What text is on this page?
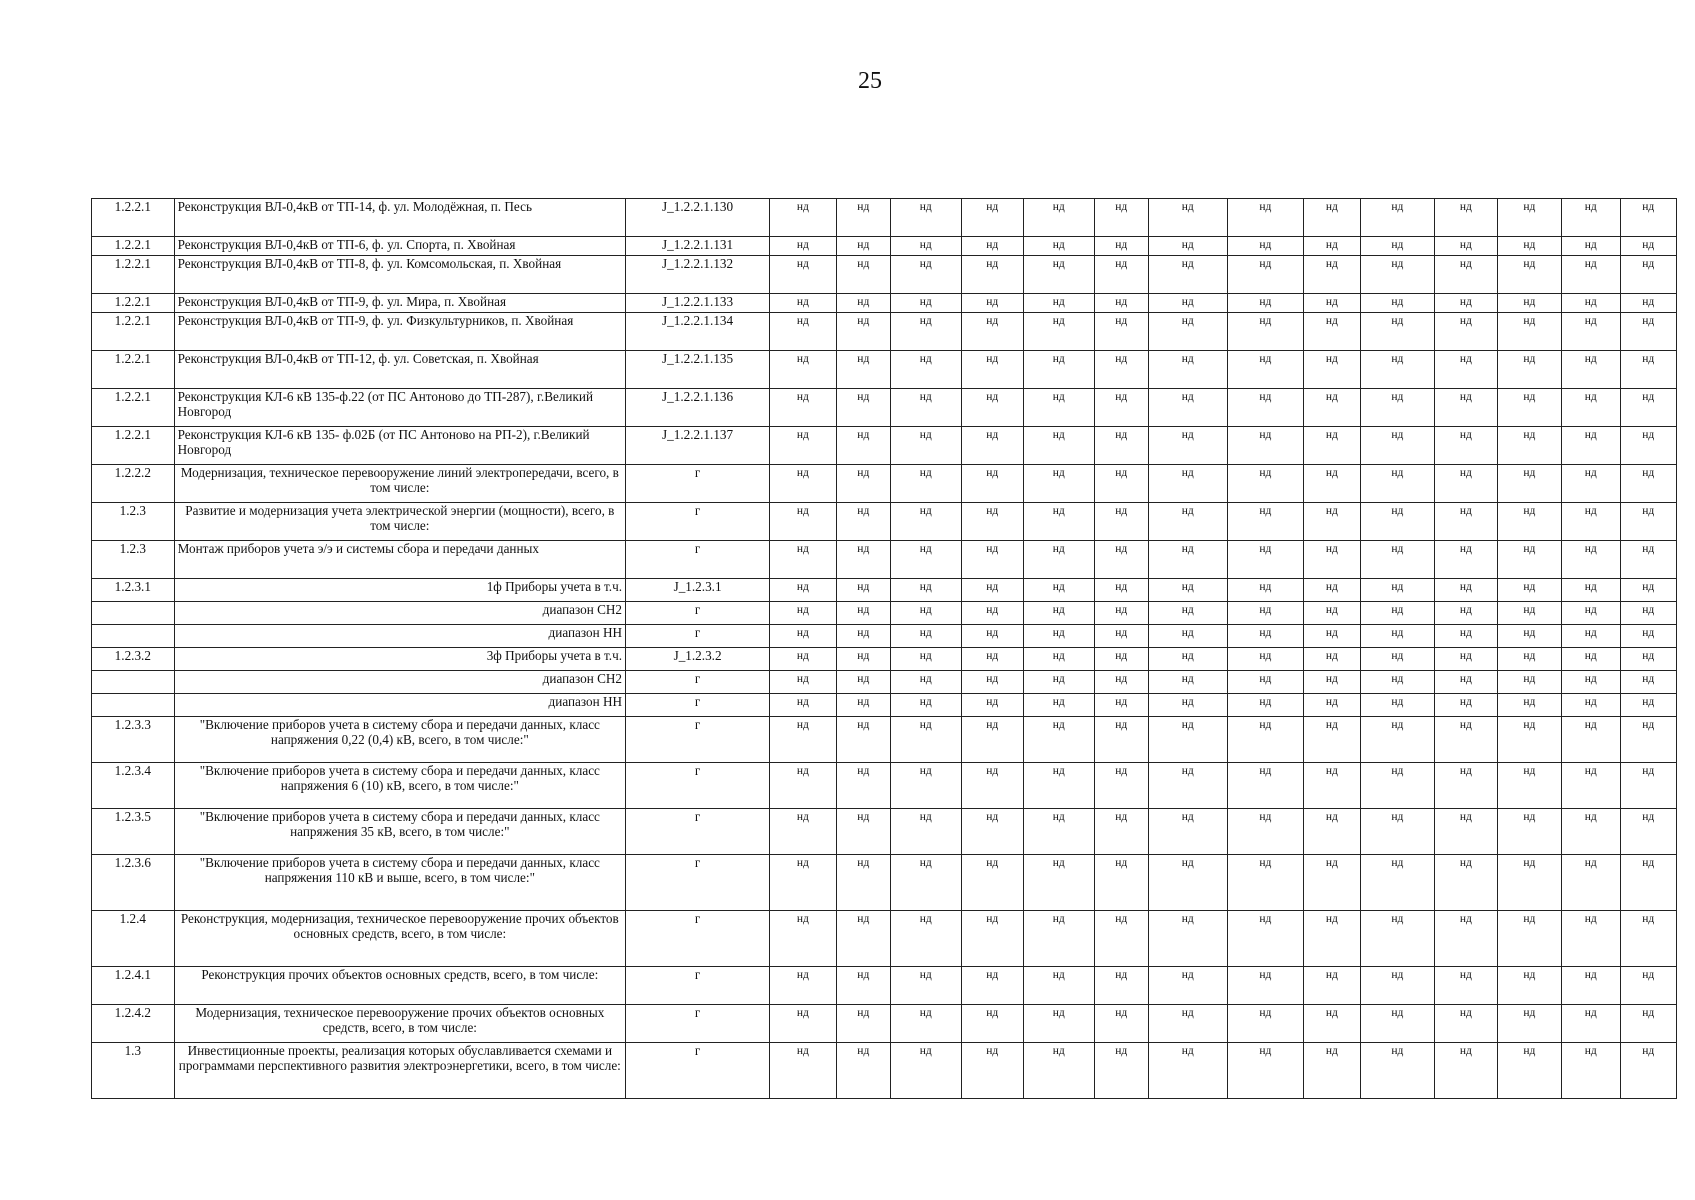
25
1.2.2.1	Реконструкция ВЛ-0,4кВ от ТП-14, ф. ул. Молодёжная, п. Песь	J_1.2.2.1.130	нд	нд	нд	нд	нд	нд	нд	нд	нд	нд	нд	нд	нд	нд
1.2.2.1	Реконструкция ВЛ-0,4кВ от ТП-6, ф. ул. Спорта, п. Хвойная	J_1.2.2.1.131	нд	нд	нд	нд	нд	нд	нд	нд	нд	нд	нд	нд	нд	нд
1.2.2.1	Реконструкция ВЛ-0,4кВ от ТП-8, ф. ул. Комсомольская, п. Хвойная	J_1.2.2.1.132	нд	нд	нд	нд	нд	нд	нд	нд	нд	нд	нд	нд	нд	нд
1.2.2.1	Реконструкция ВЛ-0,4кВ от ТП-9, ф. ул. Мира, п. Хвойная	J_1.2.2.1.133	нд	нд	нд	нд	нд	нд	нд	нд	нд	нд	нд	нд	нд	нд
1.2.2.1	Реконструкция ВЛ-0,4кВ от ТП-9, ф. ул. Физкультурников, п. Хвойная	J_1.2.2.1.134	нд	нд	нд	нд	нд	нд	нд	нд	нд	нд	нд	нд	нд	нд
1.2.2.1	Реконструкция ВЛ-0,4кВ от ТП-12, ф. ул. Советская, п. Хвойная	J_1.2.2.1.135	нд	нд	нд	нд	нд	нд	нд	нд	нд	нд	нд	нд	нд	нд
1.2.2.1	Реконструкция КЛ-6 кВ 135-ф.22 (от ПС Антоново до ТП-287), г.Великий Новгород	J_1.2.2.1.136	нд	нд	нд	нд	нд	нд	нд	нд	нд	нд	нд	нд	нд	нд
1.2.2.1	Реконструкция КЛ-6 кВ 135- ф.02Б (от ПС Антоново на РП-2), г.Великий Новгород	J_1.2.2.1.137	нд	нд	нд	нд	нд	нд	нд	нд	нд	нд	нд	нд	нд	нд
1.2.2.2	Модернизация, техническое перевооружение линий электропередачи, всего, в том числе:	г	нд	нд	нд	нд	нд	нд	нд	нд	нд	нд	нд	нд	нд	нд
1.2.3	Развитие и модернизация учета электрической энергии (мощности), всего, в том числе:	г	нд	нд	нд	нд	нд	нд	нд	нд	нд	нд	нд	нд	нд	нд
1.2.3	Монтаж приборов учета э/э и системы сбора и передачи данных	г	нд	нд	нд	нд	нд	нд	нд	нд	нд	нд	нд	нд	нд	нд
1.2.3.1	1ф Приборы учета в т.ч.	J_1.2.3.1	нд	нд	нд	нд	нд	нд	нд	нд	нд	нд	нд	нд	нд	нд
	диапазон СН2	г	нд	нд	нд	нд	нд	нд	нд	нд	нд	нд	нд	нд	нд	нд
	диапазон НН	г	нд	нд	нд	нд	нд	нд	нд	нд	нд	нд	нд	нд	нд	нд
1.2.3.2	3ф Приборы учета в т.ч.	J_1.2.3.2	нд	нд	нд	нд	нд	нд	нд	нд	нд	нд	нд	нд	нд	нд
	диапазон СН2	г	нд	нд	нд	нд	нд	нд	нд	нд	нд	нд	нд	нд	нд	нд
	диапазон НН	г	нд	нд	нд	нд	нд	нд	нд	нд	нд	нд	нд	нд	нд	нд
1.2.3.3	"Включение приборов учета в систему сбора и передачи данных, класс напряжения 0,22 (0,4) кВ, всего, в том числе:"	г	нд	нд	нд	нд	нд	нд	нд	нд	нд	нд	нд	нд	нд	нд
1.2.3.4	"Включение приборов учета в систему сбора и передачи данных, класс напряжения 6 (10) кВ, всего, в том числе:"	г	нд	нд	нд	нд	нд	нд	нд	нд	нд	нд	нд	нд	нд	нд
1.2.3.5	"Включение приборов учета в систему сбора и передачи данных, класс напряжения 35 кВ, всего, в том числе:"	г	нд	нд	нд	нд	нд	нд	нд	нд	нд	нд	нд	нд	нд	нд
1.2.3.6	"Включение приборов учета в систему сбора и передачи данных, класс напряжения 110 кВ и выше, всего, в том числе:"	г	нд	нд	нд	нд	нд	нд	нд	нд	нд	нд	нд	нд	нд	нд
1.2.4	Реконструкция, модернизация, техническое перевооружение прочих объектов основных средств, всего, в том числе:	г	нд	нд	нд	нд	нд	нд	нд	нд	нд	нд	нд	нд	нд	нд
1.2.4.1	Реконструкция прочих объектов основных средств, всего, в том числе:	г	нд	нд	нд	нд	нд	нд	нд	нд	нд	нд	нд	нд	нд	нд
1.2.4.2	Модернизация, техническое перевооружение прочих объектов основных средств, всего, в том числе:	г	нд	нд	нд	нд	нд	нд	нд	нд	нд	нд	нд	нд	нд	нд
1.3	Инвестиционные проекты, реализация которых обуславливается схемами и программами перспективного развития электроэнергетики, всего, в том числе:	г	нд	нд	нд	нд	нд	нд	нд	нд	нд	нд	нд	нд	нд	нд
